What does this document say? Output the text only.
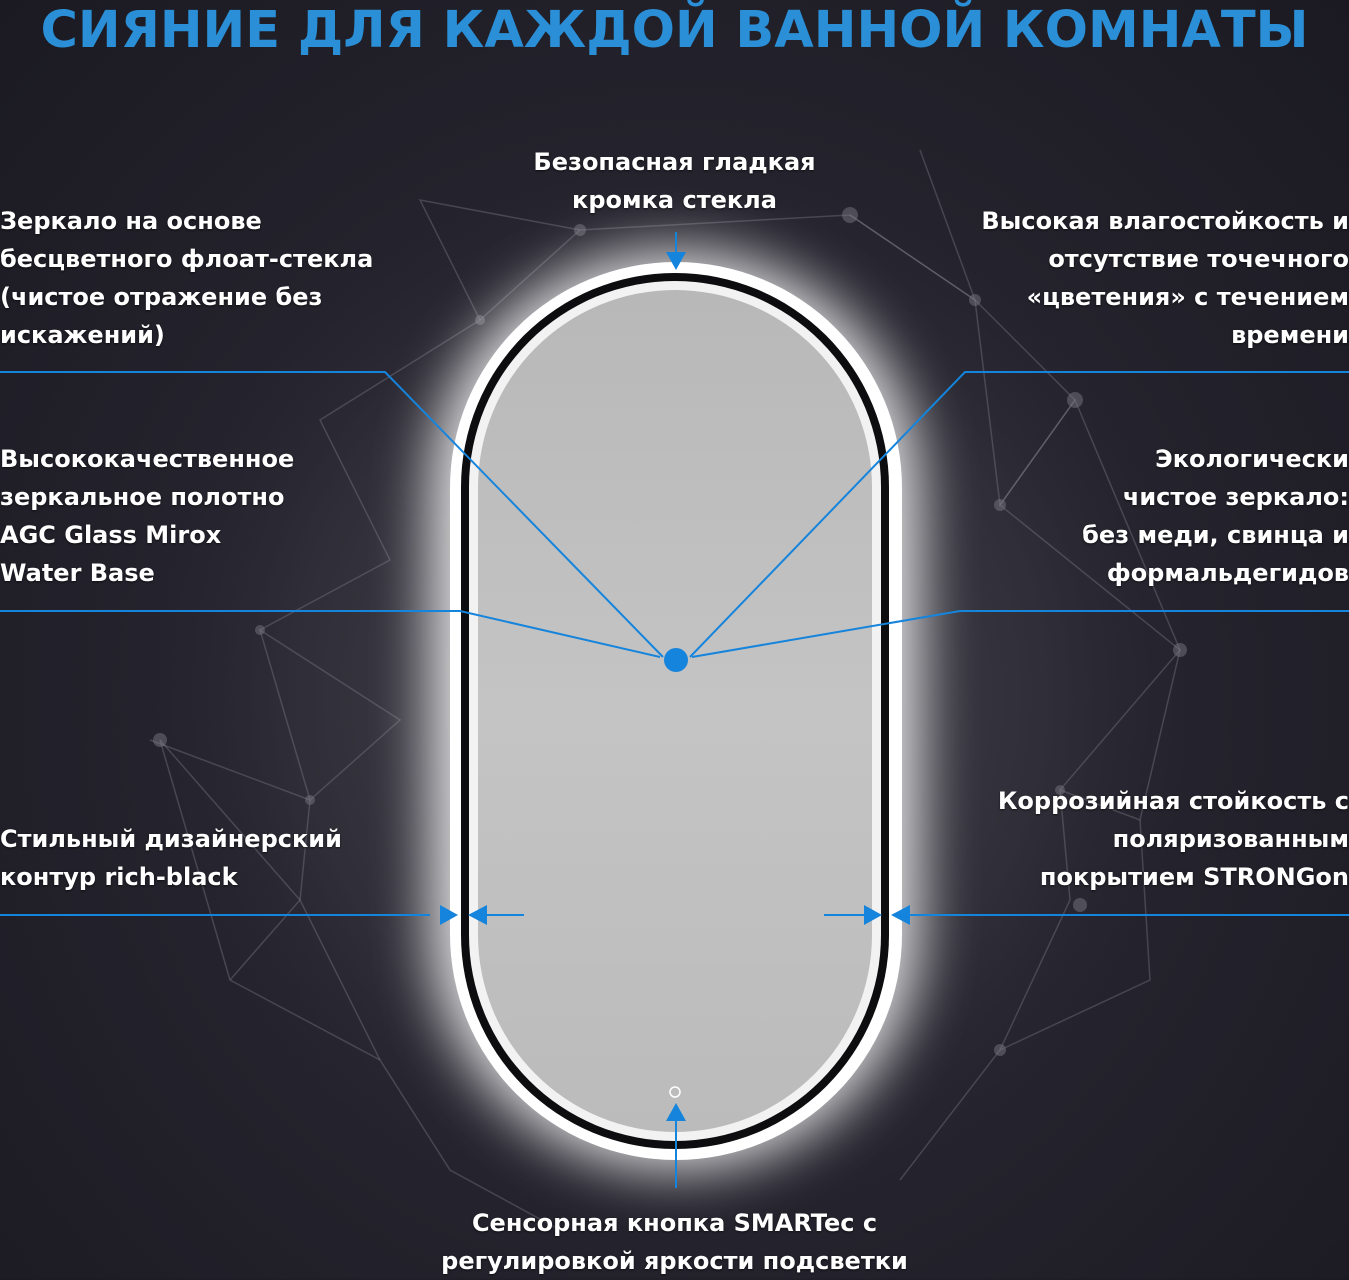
СИЯНИЕ ДЛЯ КАЖДОЙ ВАННОЙ КОМНАТЫ
Безопасная гладкая
кромка стекла
Зеркало на основе
бесцветного флоат-стекла
(чистое отражение без
искажений)
Высококачественное
зеркальное полотно
AGC Glass Mirox
Water Base
Стильный дизайнерский
контур rich-black
Высокая влагостойкость и
отсутствие точечного
«цветения» с течением
времени
Экологически
чистое зеркало:
без меди, свинца и
формальдегидов
Коррозийная стойкость с
поляризованным
покрытием STRONGon
Сенсорная кнопка SMARTec с
регулировкой яркости подсветки
